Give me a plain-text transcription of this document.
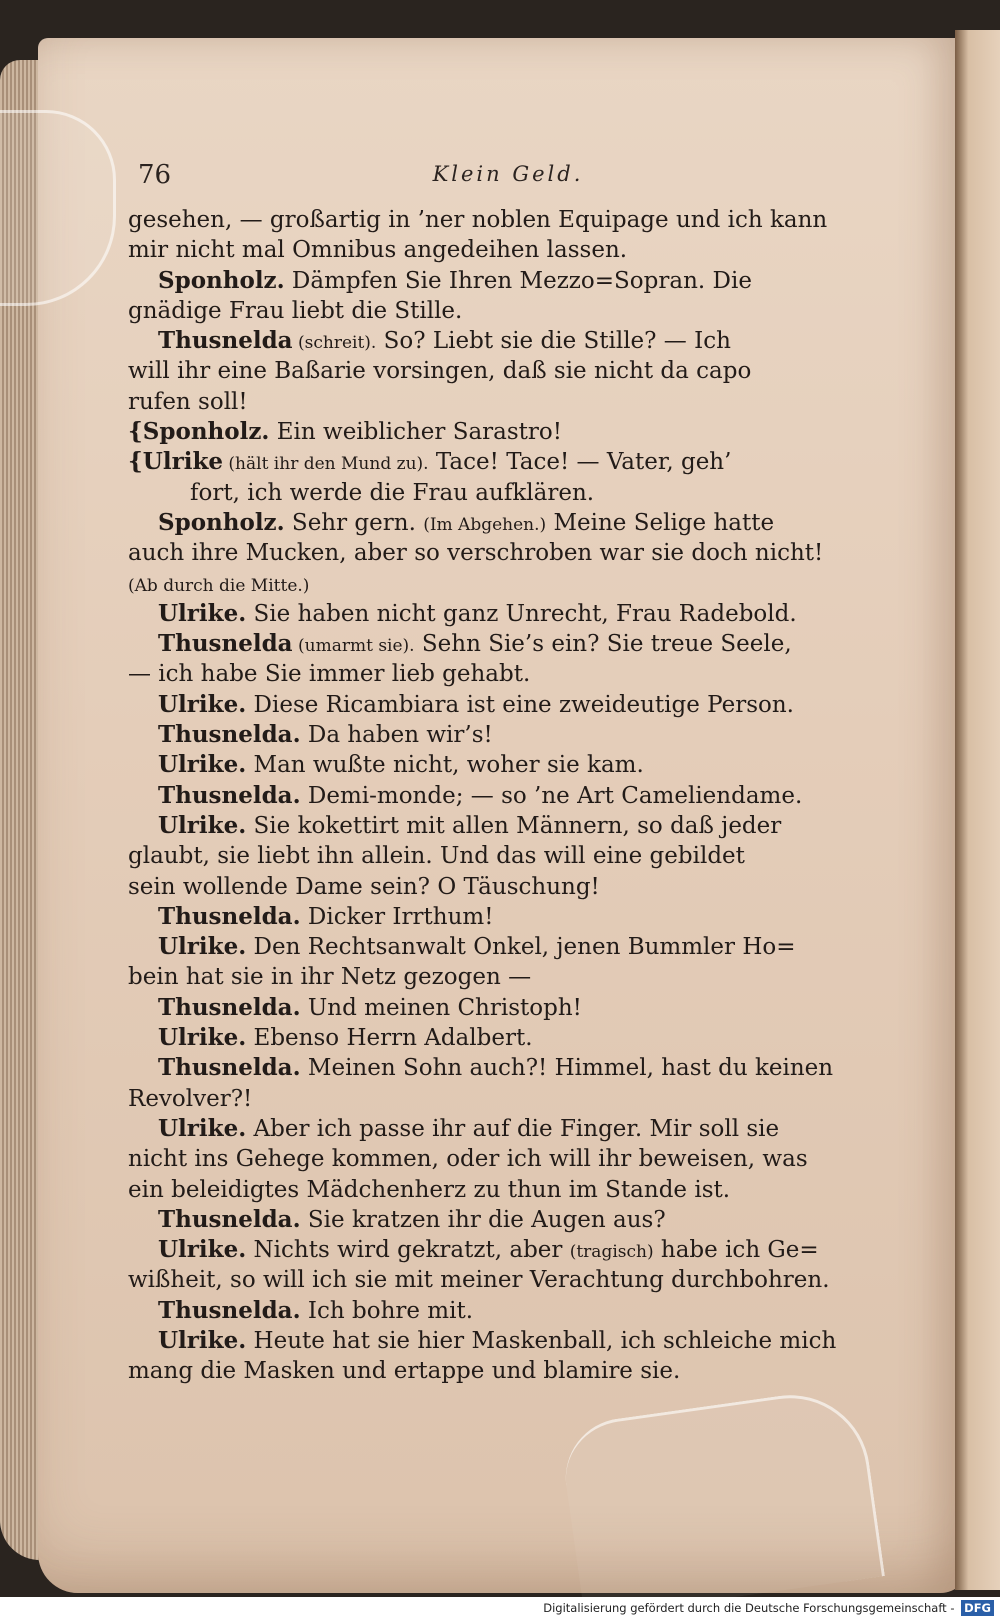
76	Klein Geld.
gesehen, — großartig in ’ner noblen Equipage und ich kann
mir nicht mal Omnibus angedeihen lassen.
Sponholz. Dämpfen Sie Ihren Mezzo=Sopran. Die
gnädige Frau liebt die Stille.
Thusnelda (schreit). So? Liebt sie die Stille? — Ich
will ihr eine Baßarie vorsingen, daß sie nicht da capo
rufen soll!
{Sponholz. Ein weiblicher Sarastro!
{Ulrike (hält ihr den Mund zu). Tace! Tace! — Vater, geh’
fort, ich werde die Frau aufklären.
Sponholz. Sehr gern. (Im Abgehen.) Meine Selige hatte
auch ihre Mucken, aber so verschroben war sie doch nicht!
(Ab durch die Mitte.)
Ulrike. Sie haben nicht ganz Unrecht, Frau Radebold.
Thusnelda (umarmt sie). Sehn Sie’s ein? Sie treue Seele,
— ich habe Sie immer lieb gehabt.
Ulrike. Diese Ricambiara ist eine zweideutige Person.
Thusnelda. Da haben wir’s!
Ulrike. Man wußte nicht, woher sie kam.
Thusnelda. Demi-monde; — so ’ne Art Cameliendame.
Ulrike. Sie kokettirt mit allen Männern, so daß jeder
glaubt, sie liebt ihn allein. Und das will eine gebildet
sein wollende Dame sein? O Täuschung!
Thusnelda. Dicker Irrthum!
Ulrike. Den Rechtsanwalt Onkel, jenen Bummler Ho=
bein hat sie in ihr Netz gezogen —
Thusnelda. Und meinen Christoph!
Ulrike. Ebenso Herrn Adalbert.
Thusnelda. Meinen Sohn auch?! Himmel, hast du keinen
Revolver?!
Ulrike. Aber ich passe ihr auf die Finger. Mir soll sie
nicht ins Gehege kommen, oder ich will ihr beweisen, was
ein beleidigtes Mädchenherz zu thun im Stande ist.
Thusnelda. Sie kratzen ihr die Augen aus?
Ulrike. Nichts wird gekratzt, aber (tragisch) habe ich Ge=
wißheit, so will ich sie mit meiner Verachtung durchbohren.
Thusnelda. Ich bohre mit.
Ulrike. Heute hat sie hier Maskenball, ich schleiche mich
mang die Masken und ertappe und blamire sie.
Digitalisierung gefördert durch die Deutsche Forschungsgemeinschaft - DFG
